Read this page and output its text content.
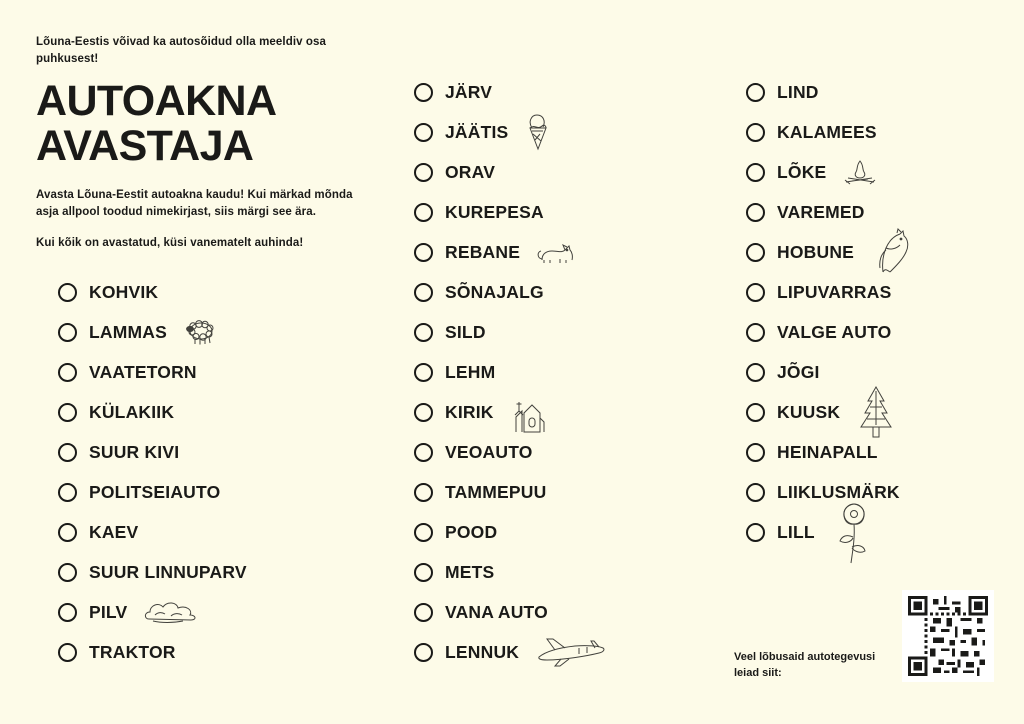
Lõuna-Eestis võivad ka autosõidud olla meeldiv osa puhkusest!
AUTOAKNA
AVASTAJA
Avasta Lõuna-Eestit autoakna kaudu! Kui märkad mõnda asja allpool toodud nimekirjast, siis märgi see ära.
Kui kõik on avastatud, küsi vanematelt auhinda!
KOHVIK
LAMMAS
VAATETORN
KÜLAKIIK
SUUR KIVI
POLITSEIAUTO
KAEV
SUUR LINNUPARV
PILV
TRAKTOR
JÄRV
JÄÄTIS
ORAV
KUREPESA
REBANE
SÕNAJALG
SILD
LEHM
KIRIK
VEOAUTO
TAMMEPUU
POOD
METS
VANA AUTO
LENNUK
LIND
KALAMEES
LÕKE
VAREMED
HOBUNE
LIPUVARRAS
VALGE AUTO
JÕGI
KUUSK
HEINAPALL
LIIKLUSMÄRK
LILL
Veel lõbusaid autotegevusi leiad siit:
